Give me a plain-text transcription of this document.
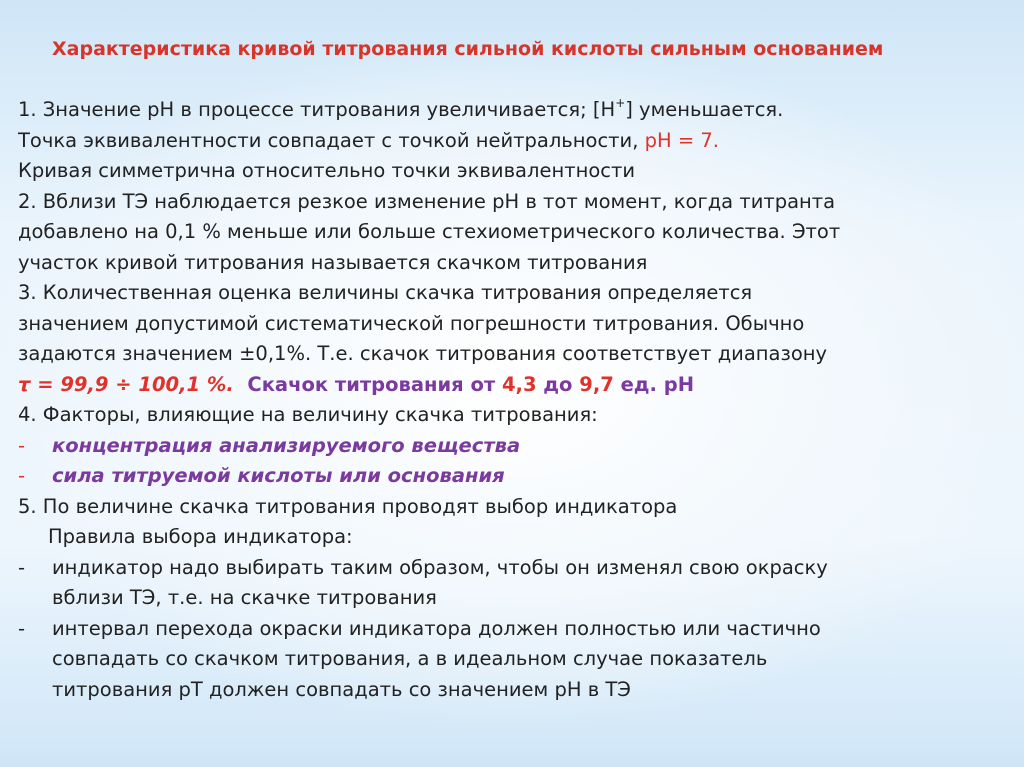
Характеристика кривой титрования сильной кислоты сильным основанием
1. Значение рН в процессе титрования увеличивается; [Н+] уменьшается.
Точка эквивалентности совпадает с точкой нейтральности, рН = 7.
Кривая симметрична относительно точки эквивалентности
2. Вблизи ТЭ наблюдается резкое изменение рН в тот момент, когда титранта
добавлено на 0,1 % меньше или больше стехиометрического количества. Этот
участок кривой титрования называется скачком титрования
3. Количественная оценка величины скачка титрования определяется
значением допустимой систематической погрешности титрования. Обычно
задаются значением ±0,1%. Т.е. скачок титрования соответствует диапазону
τ = 99,9 ÷ 100,1 %.  Скачок титрования от 4,3 до 9,7 ед. рН
4. Факторы, влияющие на величину скачка титрования:
- концентрация анализируемого вещества
- сила титруемой кислоты или основания
5. По величине скачка титрования проводят выбор индикатора
Правила выбора индикатора:
- индикатор надо выбирать таким образом, чтобы он изменял свою окраску
вблизи ТЭ, т.е. на скачке титрования
- интервал перехода окраски индикатора должен полностью или частично
совпадать со скачком титрования, а в идеальном случае показатель
титрования рТ должен совпадать со значением рН в ТЭ
